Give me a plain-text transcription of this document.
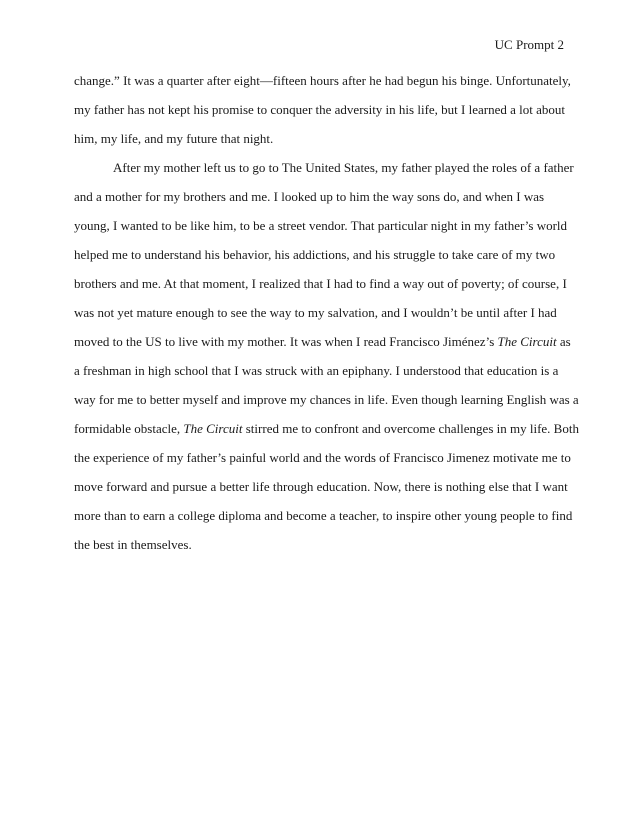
UC Prompt 2
change.” It was a quarter after eight—fifteen hours after he had begun his binge. Unfortunately,
my father has not kept his promise to conquer the adversity in his life, but I learned a lot about
him, my life, and my future that night.
After my mother left us to go to The United States, my father played the roles of a father
and a mother for my brothers and me. I looked up to him the way sons do, and when I was
young, I wanted to be like him, to be a street vendor. That particular night in my father’s world
helped me to understand his behavior, his addictions, and his struggle to take care of my two
brothers and me. At that moment, I realized that I had to find a way out of poverty; of course, I
was not yet mature enough to see the way to my salvation, and I wouldn’t be until after I had
moved to the US to live with my mother. It was when I read Francisco Jiménez’s The Circuit as
a freshman in high school that I was struck with an epiphany. I understood that education is a
way for me to better myself and improve my chances in life. Even though learning English was a
formidable obstacle, The Circuit stirred me to confront and overcome challenges in my life. Both
the experience of my father’s painful world and the words of Francisco Jimenez motivate me to
move forward and pursue a better life through education. Now, there is nothing else that I want
more than to earn a college diploma and become a teacher, to inspire other young people to find
the best in themselves.
